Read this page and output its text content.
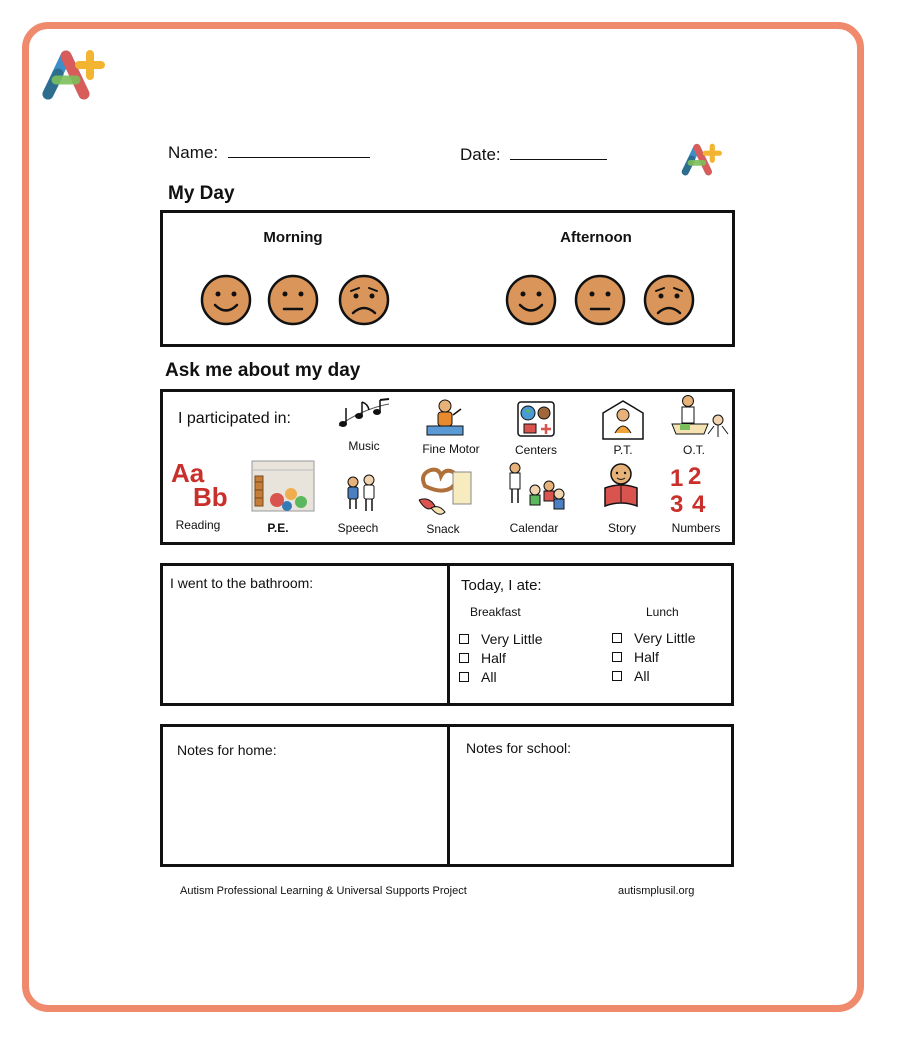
Name:	Date:
My Day
Morning	Afternoon
Ask me about my day
I participated in:
Music	Fine Motor	Centers	P.T.	O.T.
Aa
Bb
Reading	P.E.	Speech	Snack	Calendar	Story
1 2
3 4
Numbers
I went to the bathroom:	Today, I ate:
Breakfast	Lunch
Very Little
Half
All
Very Little
Half
All
Notes for home:	Notes for school:
Autism Professional Learning & Universal Supports Project	autismplusil.org
